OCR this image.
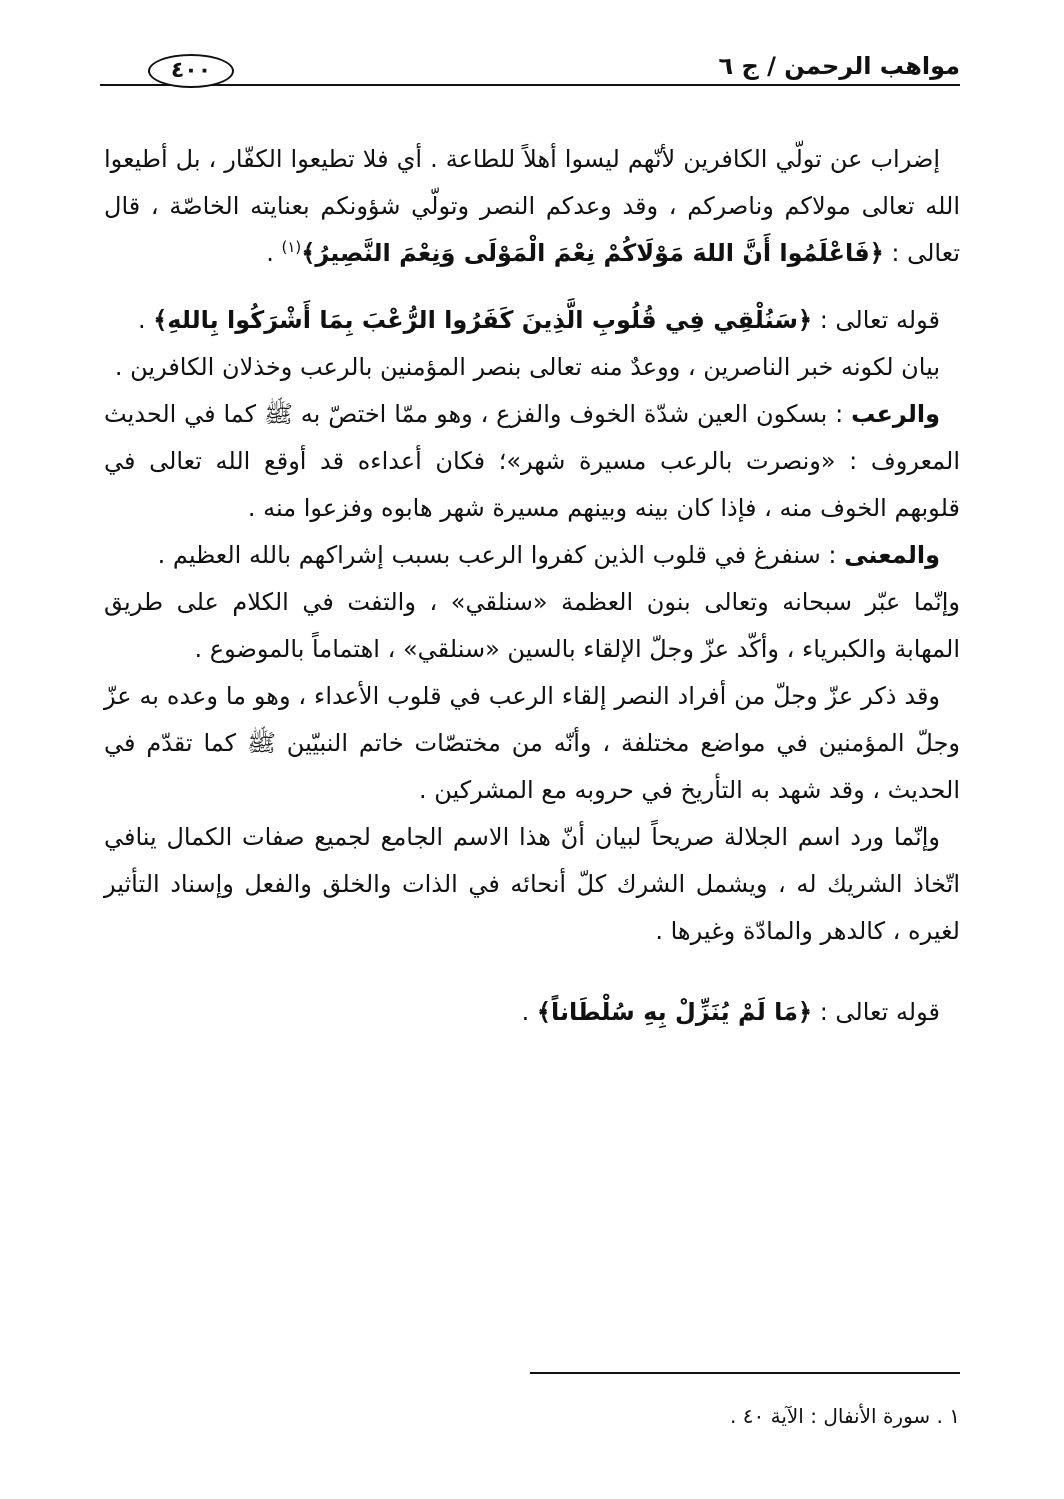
مواهب الرحمن / ج ٦
٤٠٠

إضراب عن تولّي الكافرين لأنّهم ليسوا أهلاً للطاعة . أي فلا تطيعوا الكفّار ، بل أطيعوا الله تعالى مولاكم وناصركم ، وقد وعدكم النصر وتولّي شؤونكم بعنايته الخاصّة ، قال تعالى : ﴿فَاعْلَمُوا أَنَّ اللهَ مَوْلَاكُمْ نِعْمَ الْمَوْلَى وَنِعْمَ النَّصِيرُ﴾$^{(١)}$ .

قوله تعالى : ﴿سَنُلْقِي فِي قُلُوبِ الَّذِينَ كَفَرُوا الرُّعْبَ بِمَا أَشْرَكُوا بِاللهِ﴾ .

بيان لكونه خبر الناصرين ، ووعدٌ منه تعالى بنصر المؤمنين بالرعب وخذلان الكافرين .

والرعب : بسكون العين شدّة الخوف والفزع ، وهو ممّا اختصّ به ﷺ كما في الحديث المعروف : «ونصرت بالرعب مسيرة شهر»؛ فكان أعداءه قد أوقع الله تعالى في قلوبهم الخوف منه ، فإذا كان بينه وبينهم مسيرة شهر هابوه وفزعوا منه .

والمعنى : سنفرغ في قلوب الذين كفروا الرعب بسبب إشراكهم بالله العظيم .

وإنّما عبّر سبحانه وتعالى بنون العظمة «سنلقي» ، والتفت في الكلام على طريق المهابة والكبرياء ، وأكّد عزّ وجلّ الإلقاء بالسين «سنلقي» ، اهتماماً بالموضوع .

وقد ذكر عزّ وجلّ من أفراد النصر إلقاء الرعب في قلوب الأعداء ، وهو ما وعده به عزّ وجلّ المؤمنين في مواضع مختلفة ، وأنّه من مختصّات خاتم النبيّين ﷺ كما تقدّم في الحديث ، وقد شهد به التأريخ في حروبه مع المشركين .

وإنّما ورد اسم الجلالة صريحاً لبيان أنّ هذا الاسم الجامع لجميع صفات الكمال ينافي اتّخاذ الشريك له ، ويشمل الشرك كلّ أنحائه في الذات والخلق والفعل وإسناد التأثير لغيره ، كالدهر والمادّة وغيرها .

قوله تعالى : ﴿مَا لَمْ يُنَزِّلْ بِهِ سُلْطَاناً﴾ .

١ . سورة الأنفال : الآية ٤٠ .
